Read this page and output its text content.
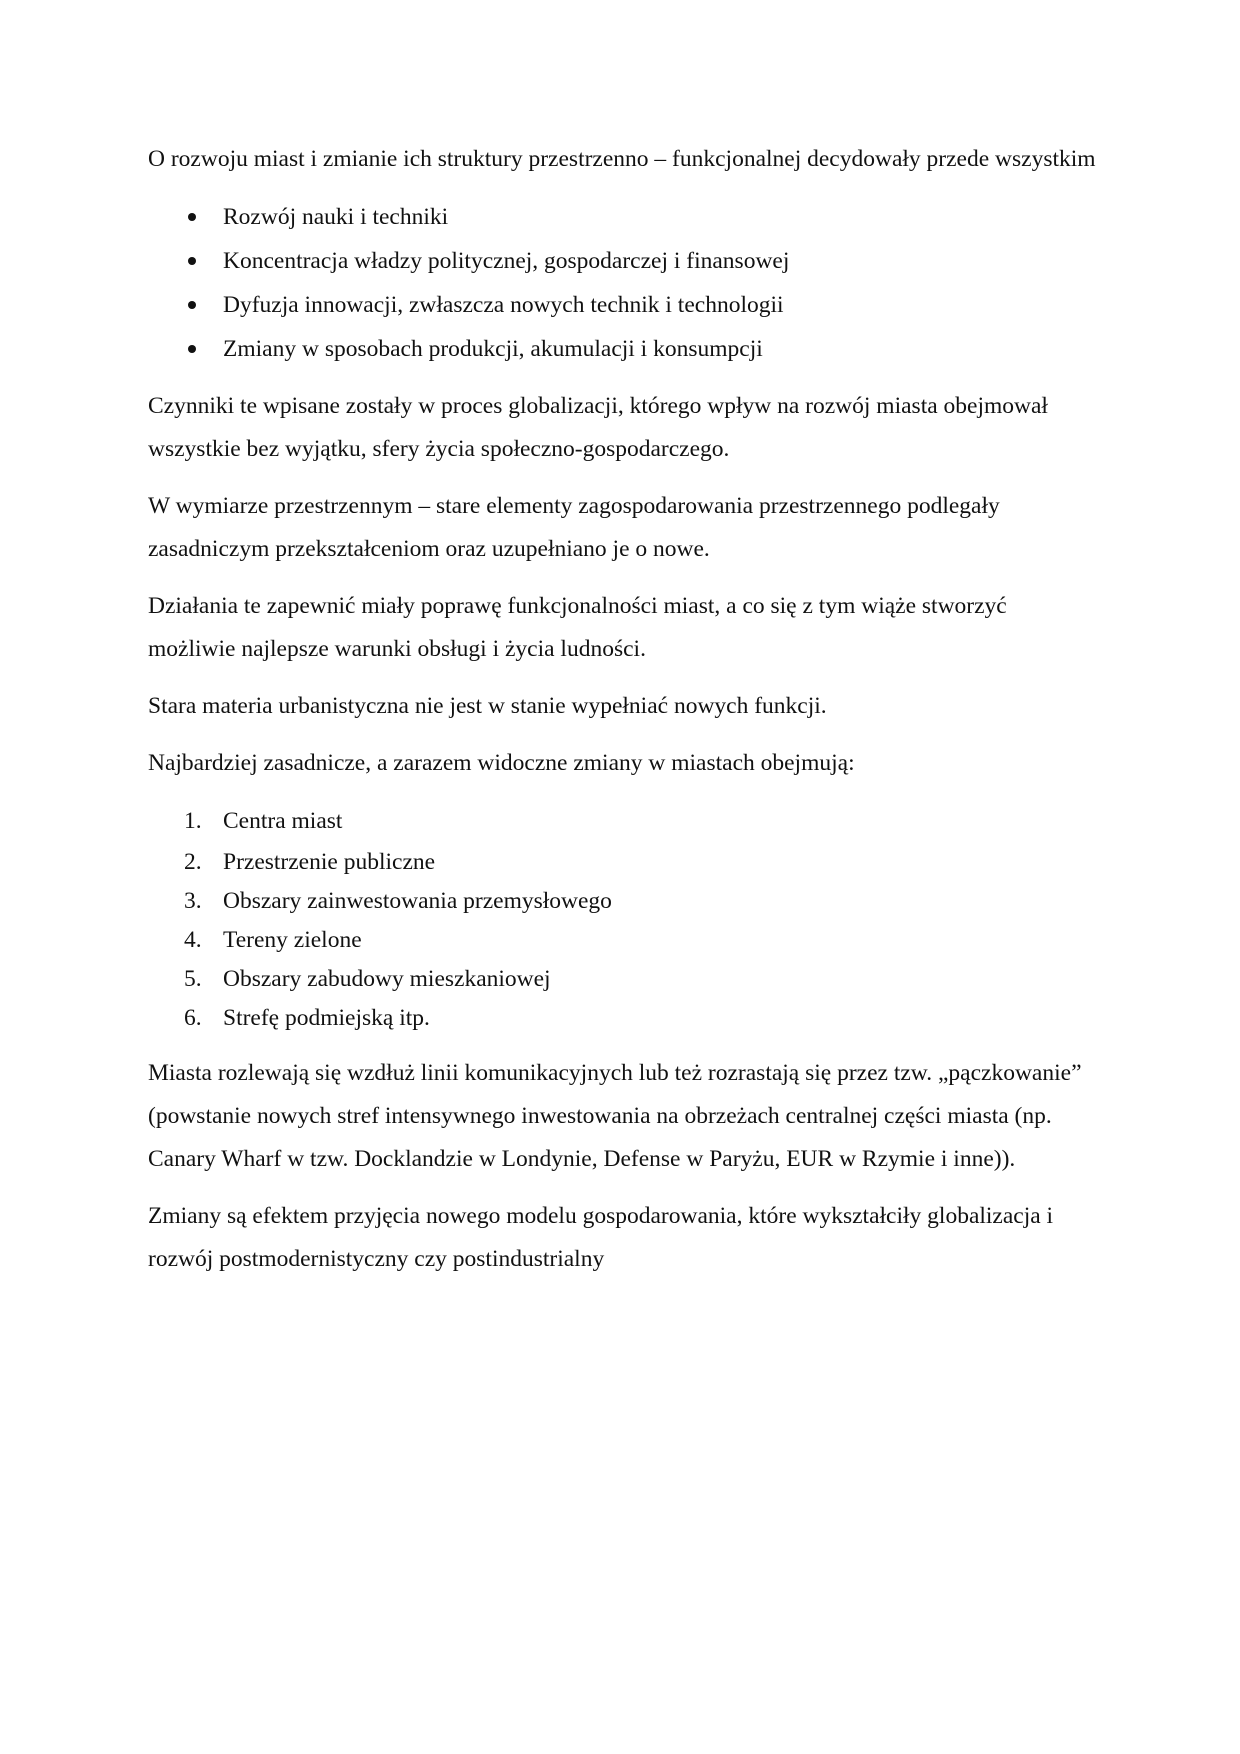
O rozwoju miast i zmianie ich struktury przestrzenno – funkcjonalnej decydowały przede wszystkim

Rozwój nauki i techniki
Koncentracja władzy politycznej, gospodarczej i finansowej
Dyfuzja innowacji, zwłaszcza nowych technik i technologii
Zmiany w sposobach produkcji, akumulacji i konsumpcji

Czynniki te wpisane zostały w proces globalizacji, którego wpływ na rozwój miasta obejmował wszystkie bez wyjątku, sfery życia społeczno-gospodarczego.

W wymiarze przestrzennym – stare elementy zagospodarowania przestrzennego podlegały zasadniczym przekształceniom oraz uzupełniano je o nowe.

Działania te zapewnić miały poprawę funkcjonalności miast, a co się z tym wiąże stworzyć możliwie najlepsze warunki obsługi i życia ludności.

Stara materia urbanistyczna nie jest w stanie wypełniać nowych funkcji.

Najbardziej zasadnicze, a zarazem widoczne zmiany w miastach obejmują:

1. Centra miast
2. Przestrzenie publiczne
3. Obszary zainwestowania przemysłowego
4. Tereny zielone
5. Obszary zabudowy mieszkaniowej
6. Strefę podmiejską itp.

Miasta rozlewają się wzdłuż linii komunikacyjnych lub też rozrastają się przez tzw. „pączkowanie” (powstanie nowych stref intensywnego inwestowania na obrzeżach centralnej części miasta (np. Canary Wharf w tzw. Docklandzie w Londynie, Defense w Paryżu, EUR w Rzymie i inne)).

Zmiany są efektem przyjęcia nowego modelu gospodarowania, które wykształciły globalizacja i rozwój postmodernistyczny czy postindustrialny
